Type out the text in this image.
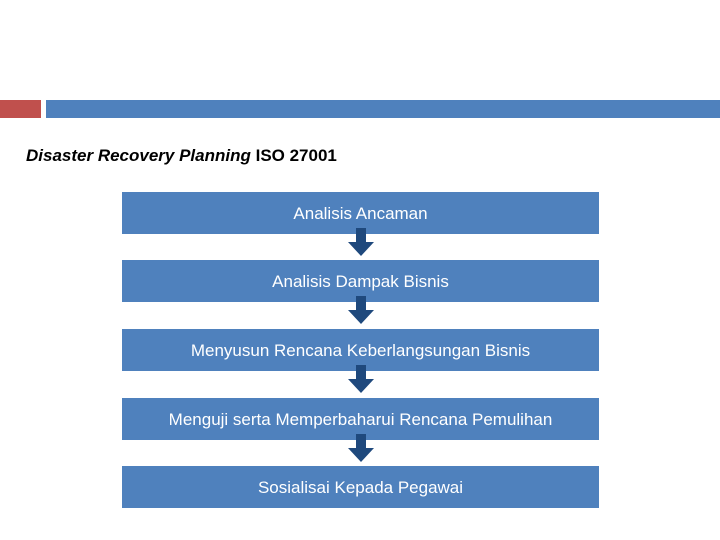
Disaster Recovery Planning ISO 27001
Analisis Ancaman
Analisis Dampak Bisnis
Menyusun Rencana Keberlangsungan Bisnis
Menguji serta Memperbaharui Rencana Pemulihan
Sosialisai Kepada Pegawai
